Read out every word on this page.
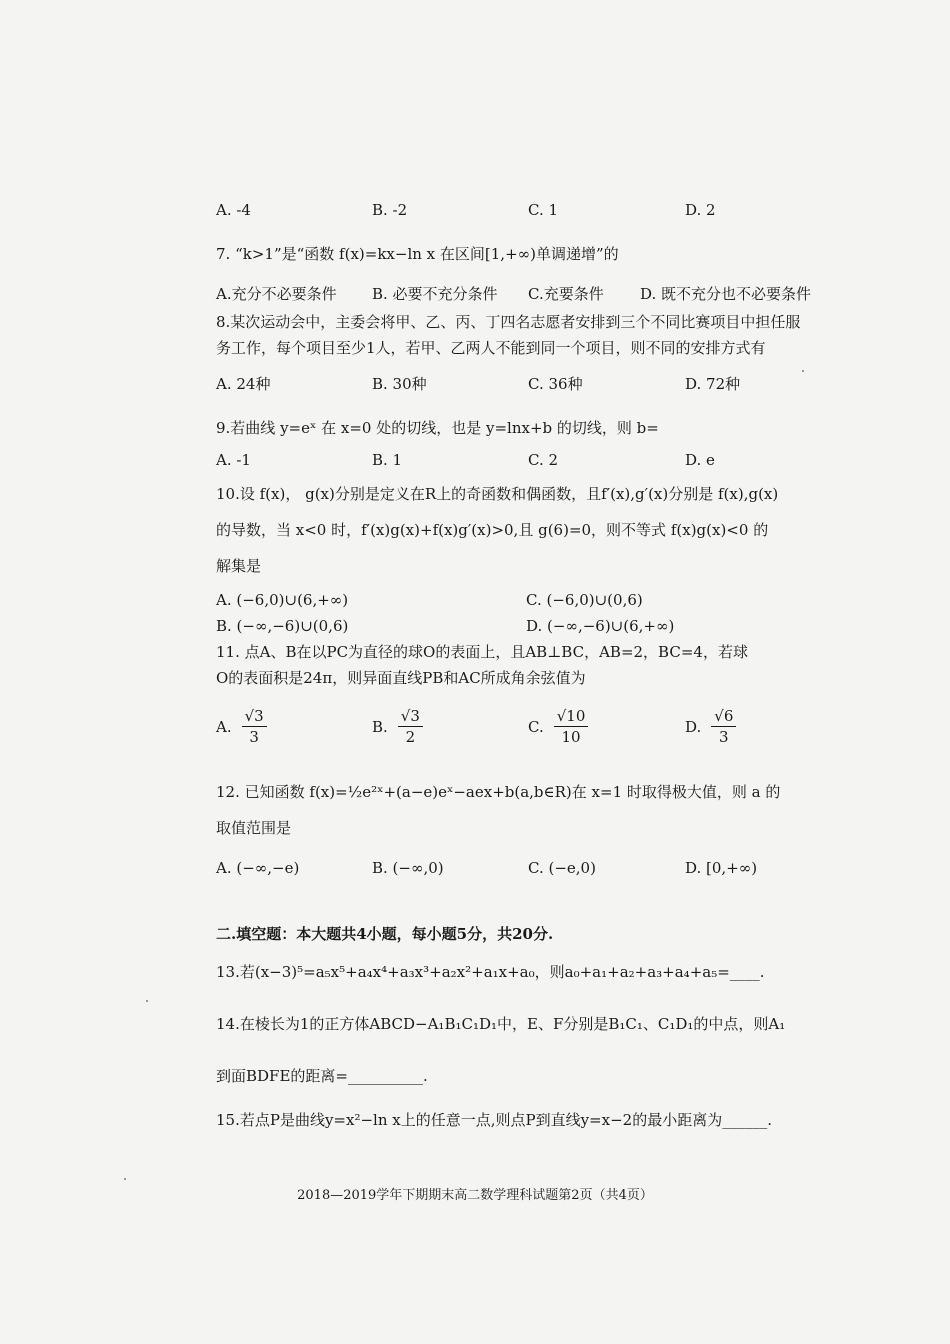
A. -4	B. -2	C. 1	D. 2
7. “k>1”是“函数 f(x)=kx−ln x 在区间[1,+∞)单调递增”的
A.充分不必要条件 B. 必要不充分条件 C.充要条件 D. 既不充分也不必要条件
8.某次运动会中，主委会将甲、乙、丙、丁四名志愿者安排到三个不同比赛项目中担任服
务工作，每个项目至少1人，若甲、乙两人不能到同一个项目，则不同的安排方式有
A. 24种	B. 30种	C. 36种	D. 72种
9.若曲线 y=eˣ 在 x=0 处的切线，也是 y=lnx+b 的切线，则 b=
A. -1	B. 1	C. 2	D. e
10.设 f(x)， g(x)分别是定义在R上的奇函数和偶函数，且f′(x),g′(x)分别是 f(x),g(x)
的导数，当 x<0 时，f′(x)g(x)+f(x)g′(x)>0,且 g(6)=0，则不等式 f(x)g(x)<0 的
解集是
A. (−6,0)∪(6,+∞)	C. (−6,0)∪(0,6)
B. (−∞,−6)∪(0,6)	D. (−∞,−6)∪(6,+∞)
11. 点A、B在以PC为直径的球O的表面上，且AB⊥BC，AB=2，BC=4，若球
O的表面积是24π，则异面直线PB和AC所成角余弦值为
A. $\frac{√3}{3}$	B. $\frac{√3}{2}$	C. $\frac{√10}{10}$	D. $\frac{√6}{3}$
12. 已知函数 f(x)=½e²ˣ+(a−e)eˣ−aex+b(a,b∈R)在 x=1 时取得极大值，则 a 的
取值范围是
A. (−∞,−e)	B. (−∞,0)	C. (−e,0)	D. [0,+∞)
二.填空题：本大题共4小题，每小题5分，共20分.
13.若(x−3)⁵=a₅x⁵+a₄x⁴+a₃x³+a₂x²+a₁x+a₀，则a₀+a₁+a₂+a₃+a₄+a₅=____.
14.在棱长为1的正方体ABCD−A₁B₁C₁D₁中，E、F分别是B₁C₁、C₁D₁的中点，则A₁
到面BDFE的距离=__________.
15.若点P是曲线y=x²−ln x上的任意一点,则点P到直线y=x−2的最小距离为______.
2018—2019学年下期期末高二数学理科试题第2页（共4页）
